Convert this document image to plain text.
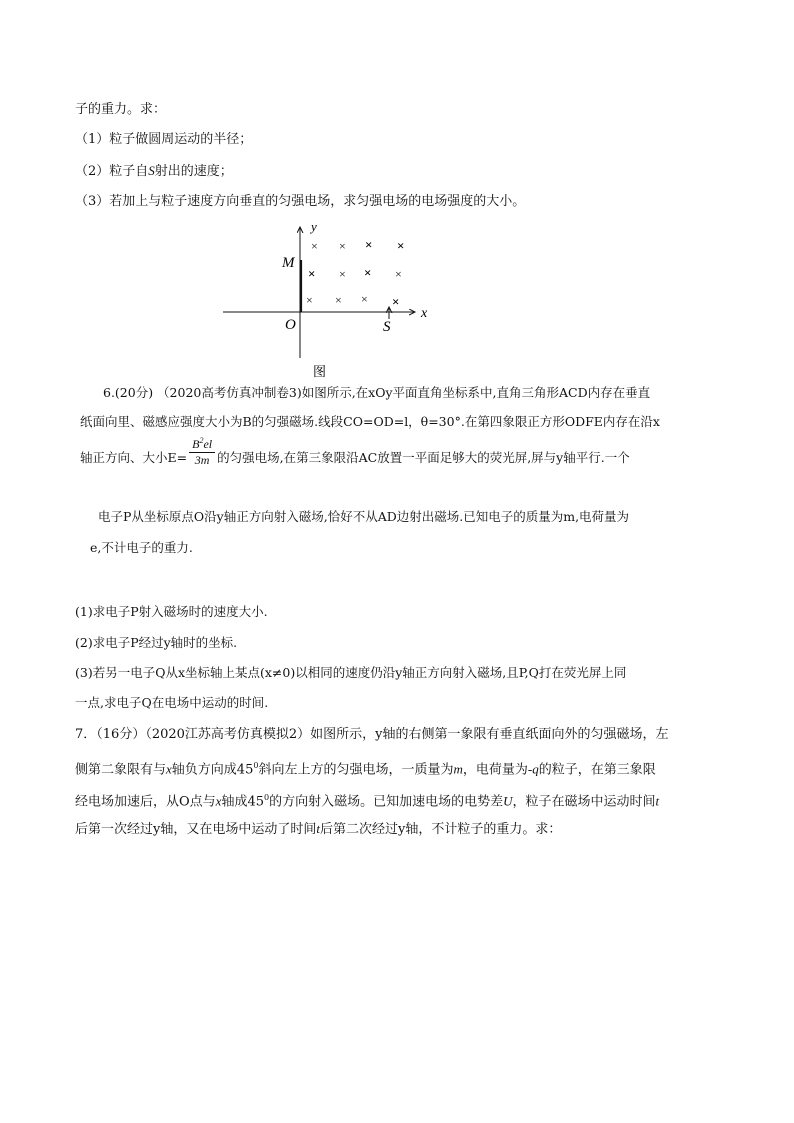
子的重力。求：
（1）粒子做圆周运动的半径；
（2）粒子自S射出的速度；
（3）若加上与粒子速度方向垂直的匀强电场，求匀强电场的电场强度的大小。
y
x
M
O	S
× × × ×
× × × ×
× × × ×
图
6.(20分) （2020高考仿真冲制卷3)如图所示,在xOy平面直角坐标系中,直角三角形ACD内存在垂直
纸面向里、磁感应强度大小为B的匀强磁场.线段CO=OD=l，θ=30°.在第四象限正方形ODFE内存在沿x
轴正方向、大小$E= \frac{B^2el}{3m}$ 的匀强电场,在第三象限沿AC放置一平面足够大的荧光屏,屏与y轴平行.一个
电子P从坐标原点O沿y轴正方向射入磁场,恰好不从AD边射出磁场.已知电子的质量为m,电荷量为
e,不计电子的重力.
(1)求电子P射入磁场时的速度大小.
(2)求电子P经过y轴时的坐标.
(3)若另一电子Q从x坐标轴上某点(x≠0)以相同的速度仍沿y轴正方向射入磁场,且P,Q打在荧光屏上同
一点,求电子Q在电场中运动的时间.
7．（16分）（2020江苏高考仿真模拟2）如图所示，y轴的右侧第一象限有垂直纸面向外的匀强磁场，左
侧第二象限有与x轴负方向成$45^0$斜向左上方的匀强电场，一质量为m，电荷量为-q的粒子，在第三象限
经电场加速后，从O点与x轴成$45^0$的方向射入磁场。已知加速电场的电势差U，粒子在磁场中运动时间t
后第一次经过y轴，又在电场中运动了时间t后第二次经过y轴，不计粒子的重力。求：
